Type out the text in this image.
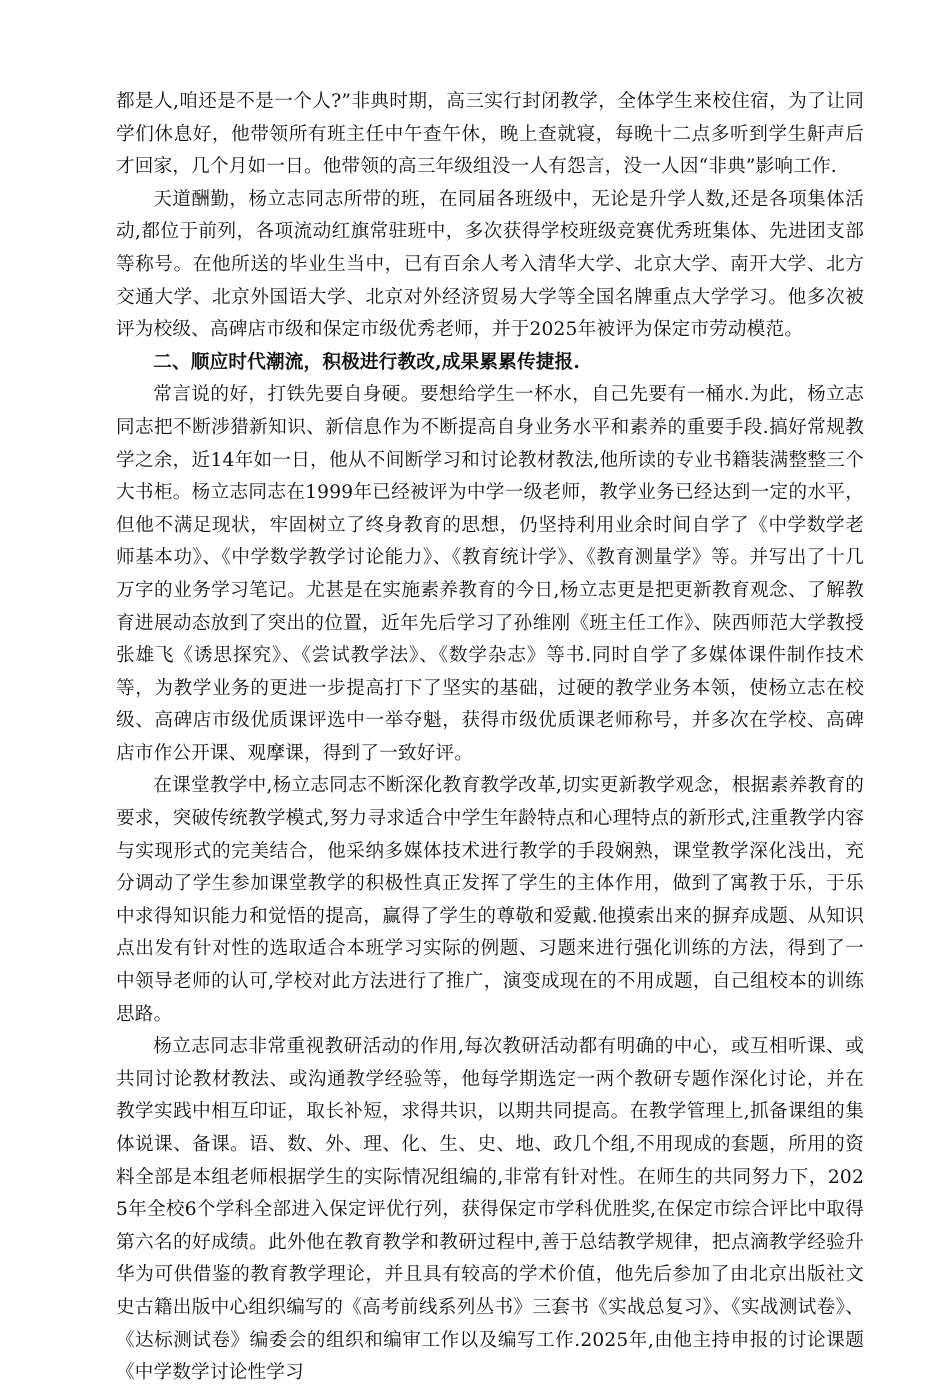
都是人,咱还是不是一个人?”非典时期，高三实行封闭教学，全体学生来校住宿，为了让同学们休息好，他带领所有班主任中午查午休，晚上查就寝，每晚十二点多听到学生鼾声后才回家，几个月如一日。他带领的高三年级组没一人有怨言，没一人因“非典”影响工作.

天道酬勤，杨立志同志所带的班，在同届各班级中，无论是升学人数,还是各项集体活动,都位于前列，各项流动红旗常驻班中，多次获得学校班级竞赛优秀班集体、先进团支部等称号。在他所送的毕业生当中，已有百余人考入清华大学、北京大学、南开大学、北方交通大学、北京外国语大学、北京对外经济贸易大学等全国名牌重点大学学习。他多次被评为校级、高碑店市级和保定市级优秀老师，并于2025年被评为保定市劳动模范。

二、顺应时代潮流，积极进行教改,成果累累传捷报.

常言说的好，打铁先要自身硬。要想给学生一杯水，自己先要有一桶水.为此，杨立志同志把不断涉猎新知识、新信息作为不断提高自身业务水平和素养的重要手段.搞好常规教学之余，近14年如一日，他从不间断学习和讨论教材教法,他所读的专业书籍装满整整三个大书柜。杨立志同志在1999年已经被评为中学一级老师，教学业务已经达到一定的水平，但他不满足现状，牢固树立了终身教育的思想，仍坚持利用业余时间自学了《中学数学老师基本功》、《中学数学教学讨论能力》、《教育统计学》、《教育测量学》等。并写出了十几万字的业务学习笔记。尤甚是在实施素养教育的今日,杨立志更是把更新教育观念、了解教育进展动态放到了突出的位置，近年先后学习了孙维刚《班主任工作》、陕西师范大学教授张雄飞《诱思探究》、《尝试教学法》、《数学杂志》等书.同时自学了多媒体课件制作技术等，为教学业务的更进一步提高打下了坚实的基础，过硬的教学业务本领，使杨立志在校级、高碑店市级优质课评选中一举夺魁，获得市级优质课老师称号，并多次在学校、高碑店市作公开课、观摩课，得到了一致好评。

在课堂教学中,杨立志同志不断深化教育教学改革,切实更新教学观念，根据素养教育的要求，突破传统教学模式,努力寻求适合中学生年龄特点和心理特点的新形式,注重教学内容与实现形式的完美结合，他采纳多媒体技术进行教学的手段娴熟，课堂教学深化浅出，充分调动了学生参加课堂教学的积极性真正发挥了学生的主体作用，做到了寓教于乐，于乐中求得知识能力和觉悟的提高，赢得了学生的尊敬和爱戴.他摸索出来的摒弃成题、从知识点出发有针对性的选取适合本班学习实际的例题、习题来进行强化训练的方法，得到了一中领导老师的认可,学校对此方法进行了推广，演变成现在的不用成题，自己组校本的训练思路。

杨立志同志非常重视教研活动的作用,每次教研活动都有明确的中心，或互相听课、或共同讨论教材教法、或沟通教学经验等，他每学期选定一两个教研专题作深化讨论，并在教学实践中相互印证，取长补短，求得共识，以期共同提高。在教学管理上,抓备课组的集体说课、备课。语、数、外、理、化、生、史、地、政几个组,不用现成的套题，所用的资料全部是本组老师根据学生的实际情况组编的,非常有针对性。在师生的共同努力下，2025年全校6个学科全部进入保定评优行列，获得保定市学科优胜奖,在保定市综合评比中取得第六名的好成绩。此外他在教育教学和教研过程中,善于总结教学规律，把点滴教学经验升华为可供借鉴的教育教学理论，并且具有较高的学术价值，他先后参加了由北京出版社文史古籍出版中心组织编写的《高考前线系列丛书》三套书《实战总复习》、《实战测试卷》、《达标测试卷》编委会的组织和编审工作以及编写工作.2025年,由他主持申报的讨论课题《中学数学讨论性学习
